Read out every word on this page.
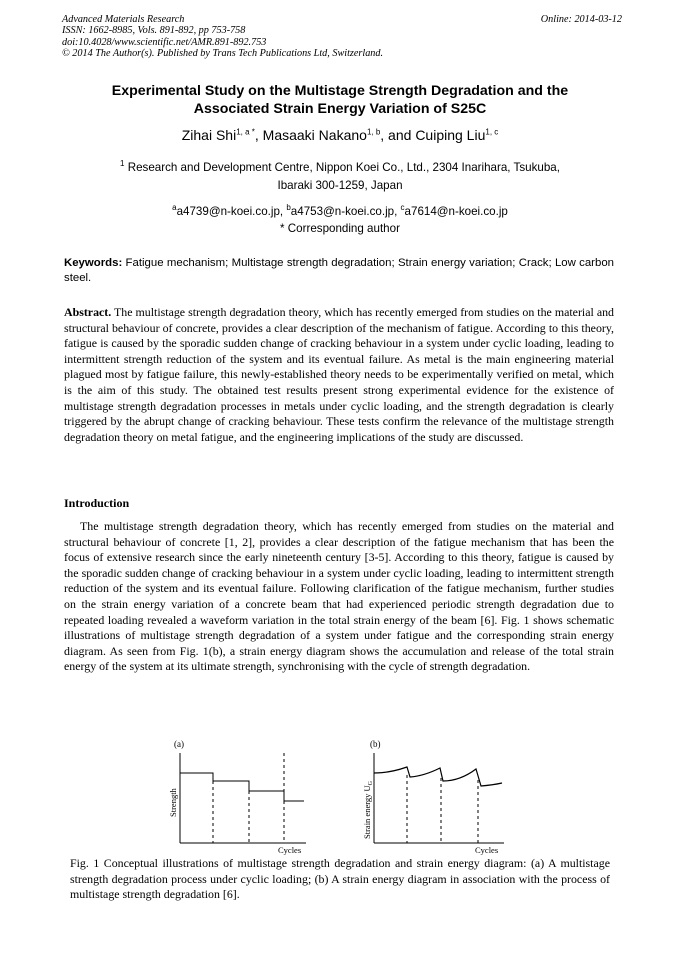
Advanced Materials Research
ISSN: 1662-8985, Vols. 891-892, pp 753-758
doi:10.4028/www.scientific.net/AMR.891-892.753
© 2014 The Author(s). Published by Trans Tech Publications Ltd, Switzerland.
Online: 2014-03-12
Experimental Study on the Multistage Strength Degradation and the
Associated Strain Energy Variation of S25C
Zihai Shi$^{1, a *}$, Masaaki Nakano$^{1, b}$, and Cuiping Liu$^{1, c}$
$^1$ Research and Development Centre, Nippon Koei Co., Ltd., 2304 Inarihara, Tsukuba,
Ibaraki 300-1259, Japan
$^a$a4739@n-koei.co.jp, $^b$a4753@n-koei.co.jp, $^c$a7614@n-koei.co.jp
* Corresponding author
Keywords: Fatigue mechanism; Multistage strength degradation; Strain energy variation; Crack; Low carbon steel.
Abstract. The multistage strength degradation theory, which has recently emerged from studies on the material and structural behaviour of concrete, provides a clear description of the mechanism of fatigue. According to this theory, fatigue is caused by the sporadic sudden change of cracking behaviour in a system under cyclic loading, leading to intermittent strength reduction of the system and its eventual failure. As metal is the main engineering material plagued most by fatigue failure, this newly-established theory needs to be experimentally verified on metal, which is the aim of this study. The obtained test results present strong experimental evidence for the existence of multistage strength degradation processes in metals under cyclic loading, and the strength degradation is clearly triggered by the abrupt change of cracking behaviour. These tests confirm the relevance of the multistage strength degradation theory on metal fatigue, and the engineering implications of the study are discussed.
Introduction
The multistage strength degradation theory, which has recently emerged from studies on the material and structural behaviour of concrete [1, 2], provides a clear description of the fatigue mechanism that has been the focus of extensive research since the early nineteenth century [3-5]. According to this theory, fatigue is caused by the sporadic sudden change of cracking behaviour in a system under cyclic loading, leading to intermittent strength reduction of the system and its eventual failure. Following clarification of the fatigue mechanism, further studies on the strain energy variation of a concrete beam that had experienced periodic strength degradation due to repeated loading revealed a waveform variation in the total strain energy of the beam [6]. Fig. 1 shows schematic illustrations of multistage strength degradation of a system under fatigue and the corresponding strain energy diagram. As seen from Fig. 1(b), a strain energy diagram shows the accumulation and release of the total strain energy of the system at its ultimate strength, synchronising with the cycle of strength degradation.
(a)
Strength
Cycles
(b)
Strain energy $U_G$
Cycles
Fig. 1 Conceptual illustrations of multistage strength degradation and strain energy diagram: (a) A multistage strength degradation process under cyclic loading; (b) A strain energy diagram in association with the process of multistage strength degradation [6].
